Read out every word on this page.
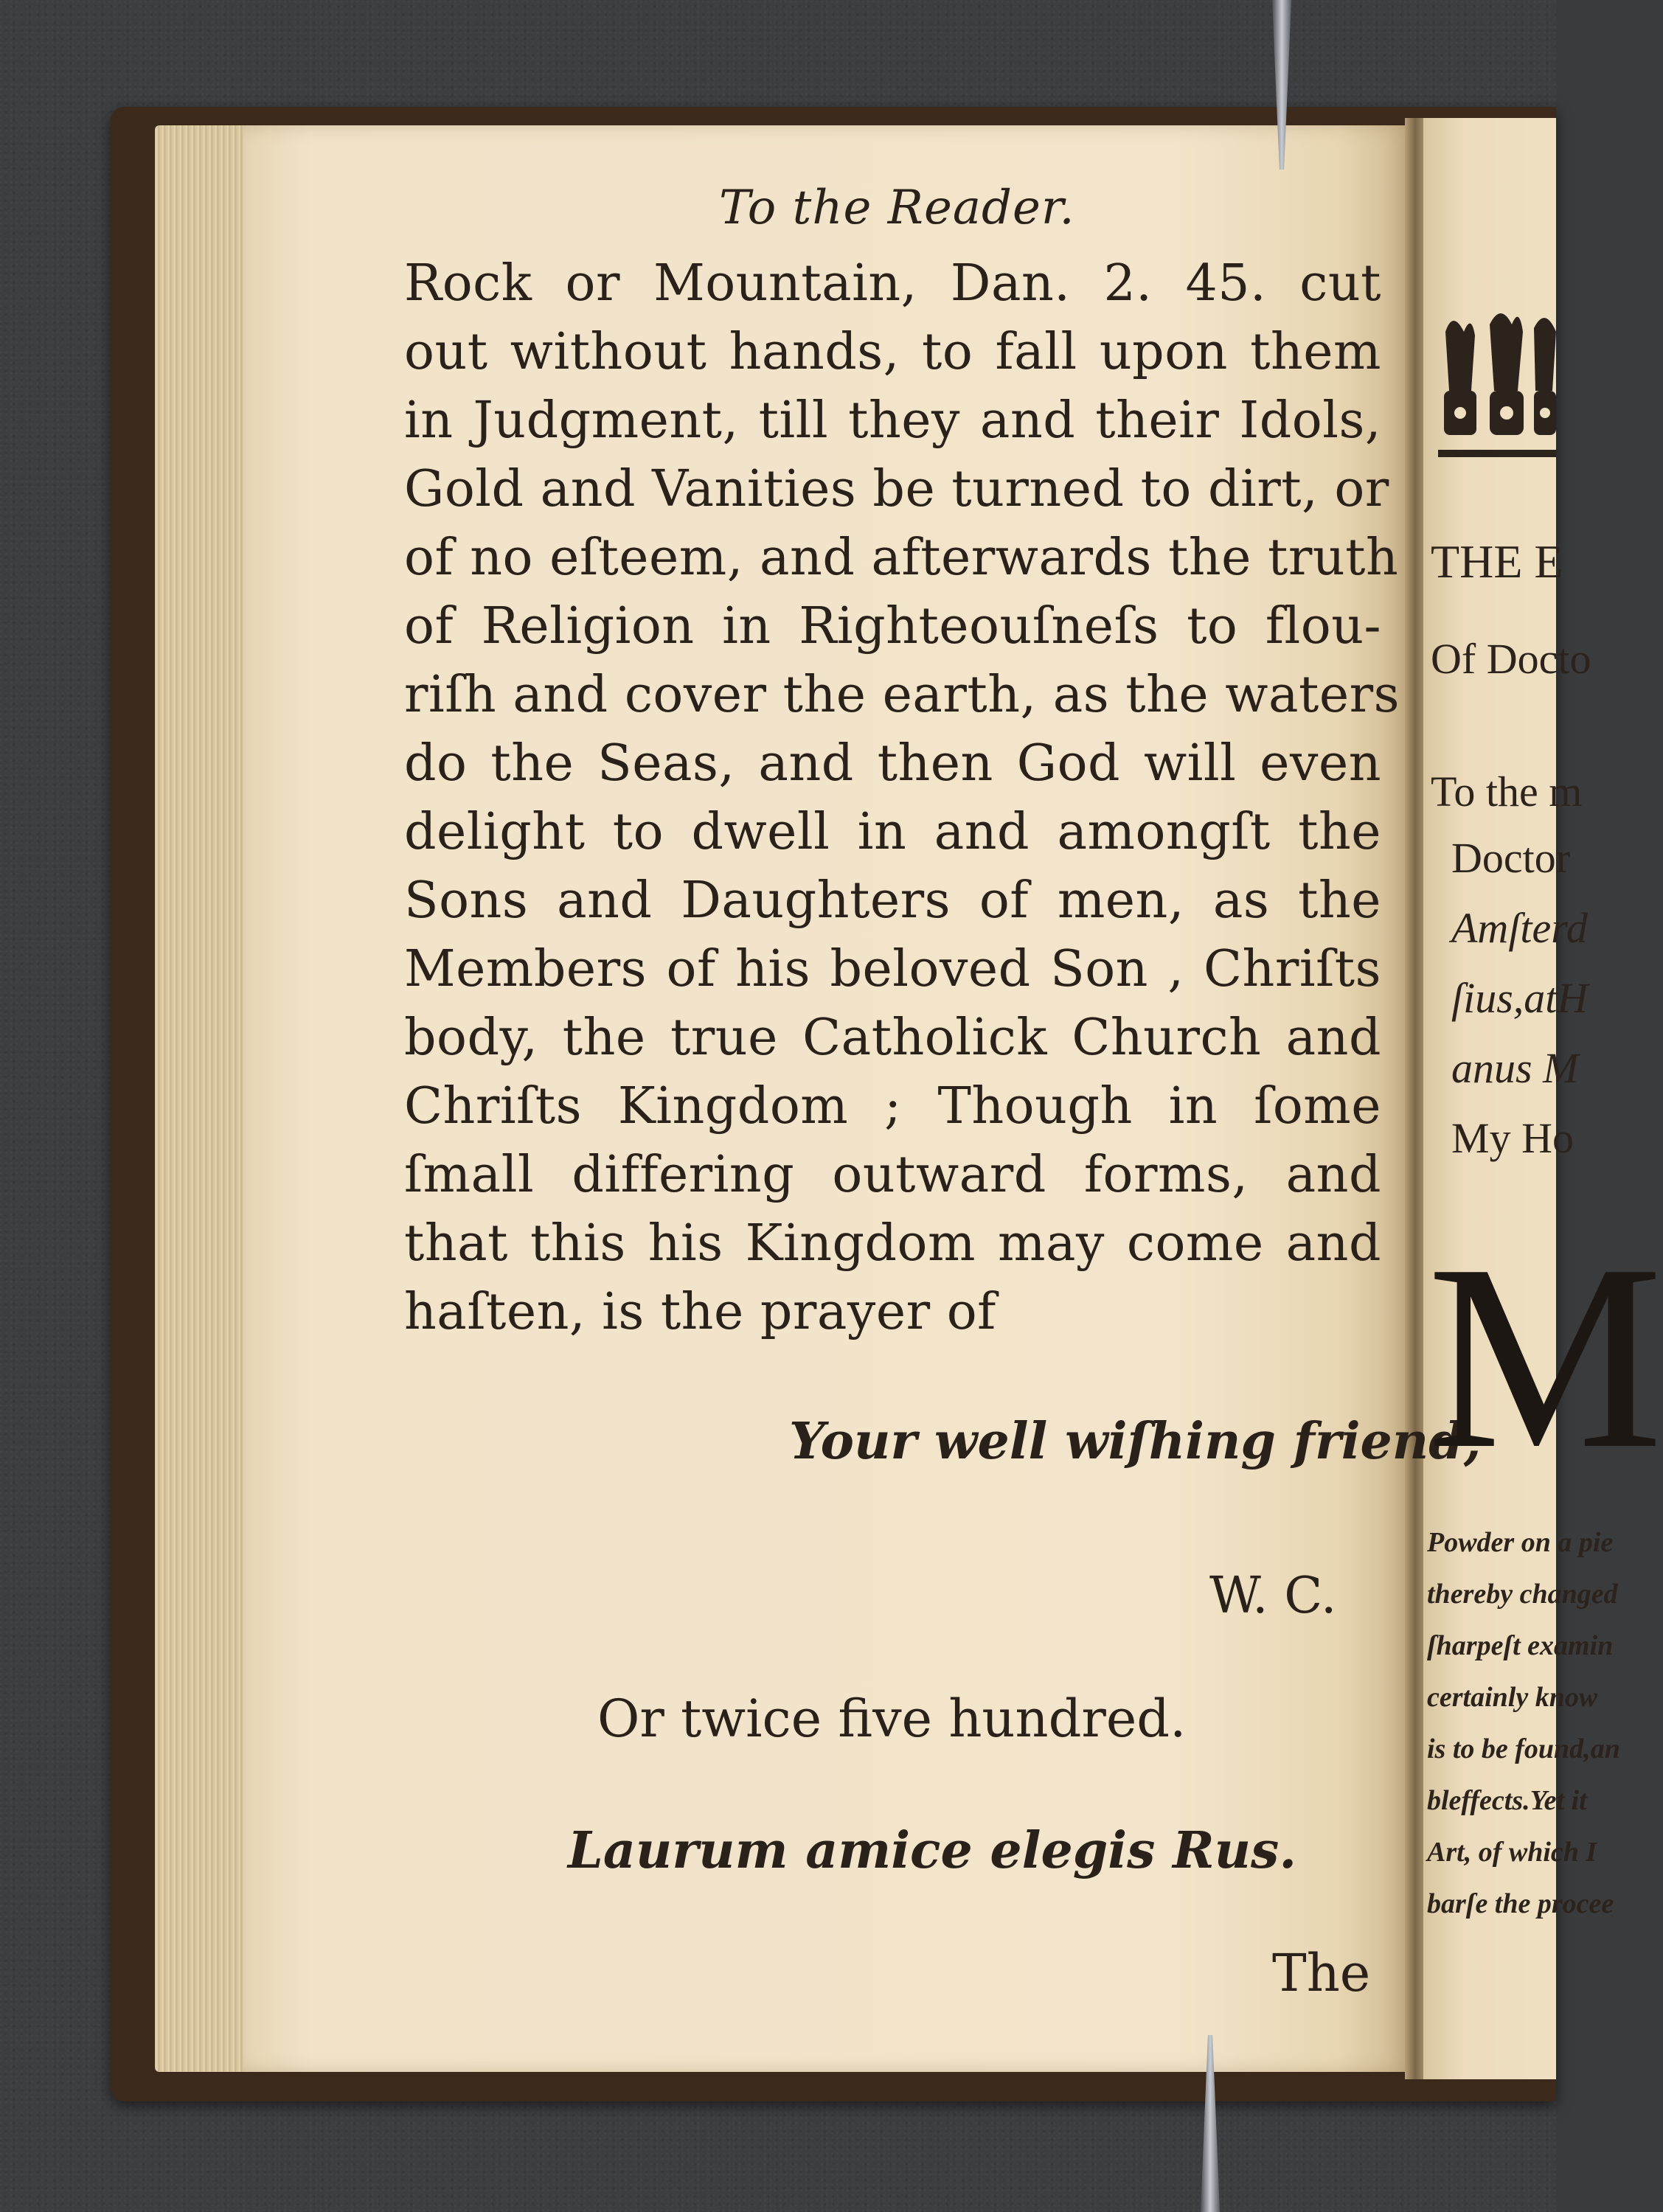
To the Reader.
Rock or Mountain, Dan. 2. 45. cut
out without hands, to fall upon them
in Judgment, till they and their Idols,
Gold and Vanities be turned to dirt, or
of no eſteem, and afterwards the truth
of Religion in Righteouſneſs to flou-
riſh and cover the earth, as the waters
do the Seas, and then God will even
delight to dwell in and amongſt the
Sons and Daughters of men, as the
Members of his beloved Son , Chriſts
body, the true Catholick Church and
Chriſts Kingdom ; Though in ſome
ſmall differing outward forms, and
that this his Kingdom may come and
haſten, is the prayer of
Your well wiſhing friend,
W. C.
Or twice five hundred.
Laurum amice elegis Rus.
The
THE E
Of Docto
To the m
Doctor
Amſterd
ſius,atH
anus M
My Ho
M
Powder on a pie
thereby changed
ſharpeſt examin
certainly know
is to be found,an
bleffects.Yet it
Art, of which I
barſe the procee
